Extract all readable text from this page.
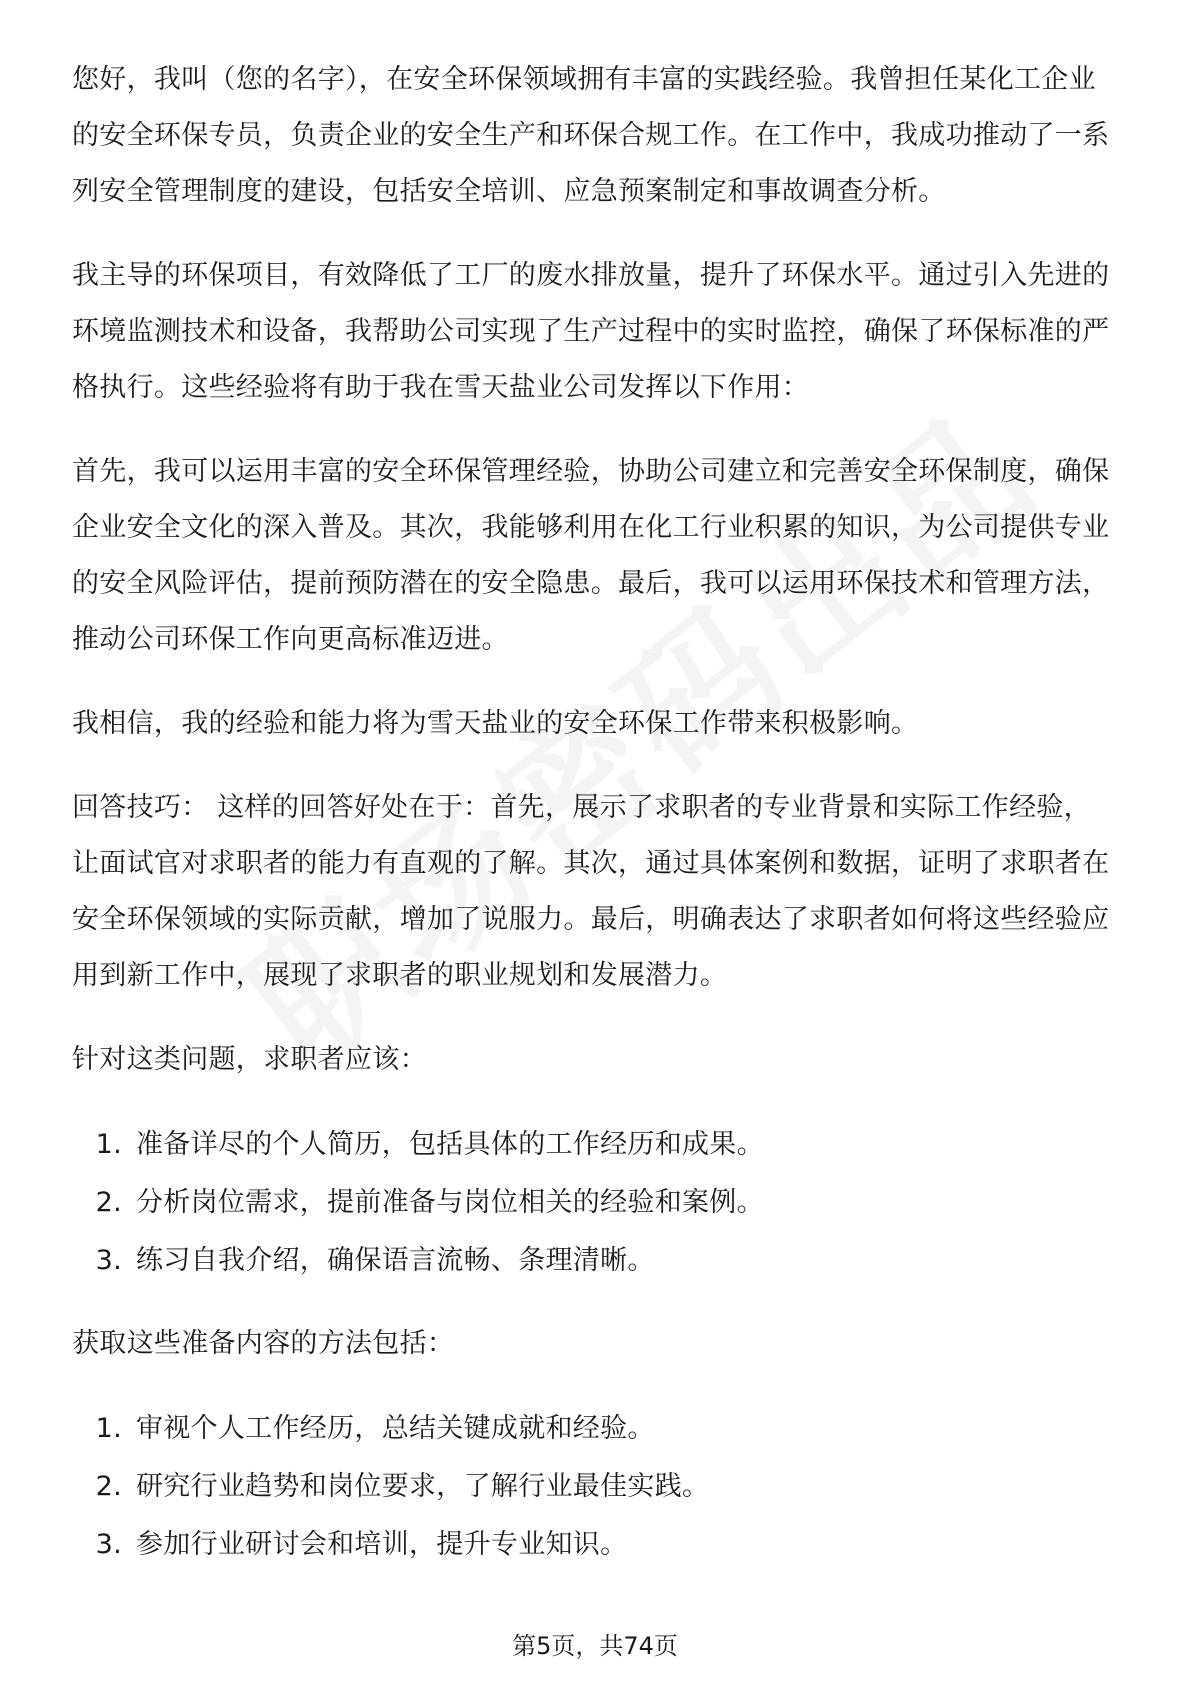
您好，我叫（您的名字），在安全环保领域拥有丰富的实践经验。我曾担任某化工企业的安全环保专员，负责企业的安全生产和环保合规工作。在工作中，我成功推动了一系列安全管理制度的建设，包括安全培训、应急预案制定和事故调查分析。

我主导的环保项目，有效降低了工厂的废水排放量，提升了环保水平。通过引入先进的环境监测技术和设备，我帮助公司实现了生产过程中的实时监控，确保了环保标准的严格执行。这些经验将有助于我在雪天盐业公司发挥以下作用：

首先，我可以运用丰富的安全环保管理经验，协助公司建立和完善安全环保制度，确保企业安全文化的深入普及。其次，我能够利用在化工行业积累的知识，为公司提供专业的安全风险评估，提前预防潜在的安全隐患。最后，我可以运用环保技术和管理方法，推动公司环保工作向更高标准迈进。

我相信，我的经验和能力将为雪天盐业的安全环保工作带来积极影响。

回答技巧： 这样的回答好处在于：首先，展示了求职者的专业背景和实际工作经验，让面试官对求职者的能力有直观的了解。其次，通过具体案例和数据，证明了求职者在安全环保领域的实际贡献，增加了说服力。最后，明确表达了求职者如何将这些经验应用到新工作中，展现了求职者的职业规划和发展潜力。

针对这类问题，求职者应该：

1. 准备详尽的个人简历，包括具体的工作经历和成果。
2. 分析岗位需求，提前准备与岗位相关的经验和案例。
3. 练习自我介绍，确保语言流畅、条理清晰。

获取这些准备内容的方法包括：

1. 审视个人工作经历，总结关键成就和经验。
2. 研究行业趋势和岗位要求，了解行业最佳实践。
3. 参加行业研讨会和培训，提升专业知识。
第5页，共74页
